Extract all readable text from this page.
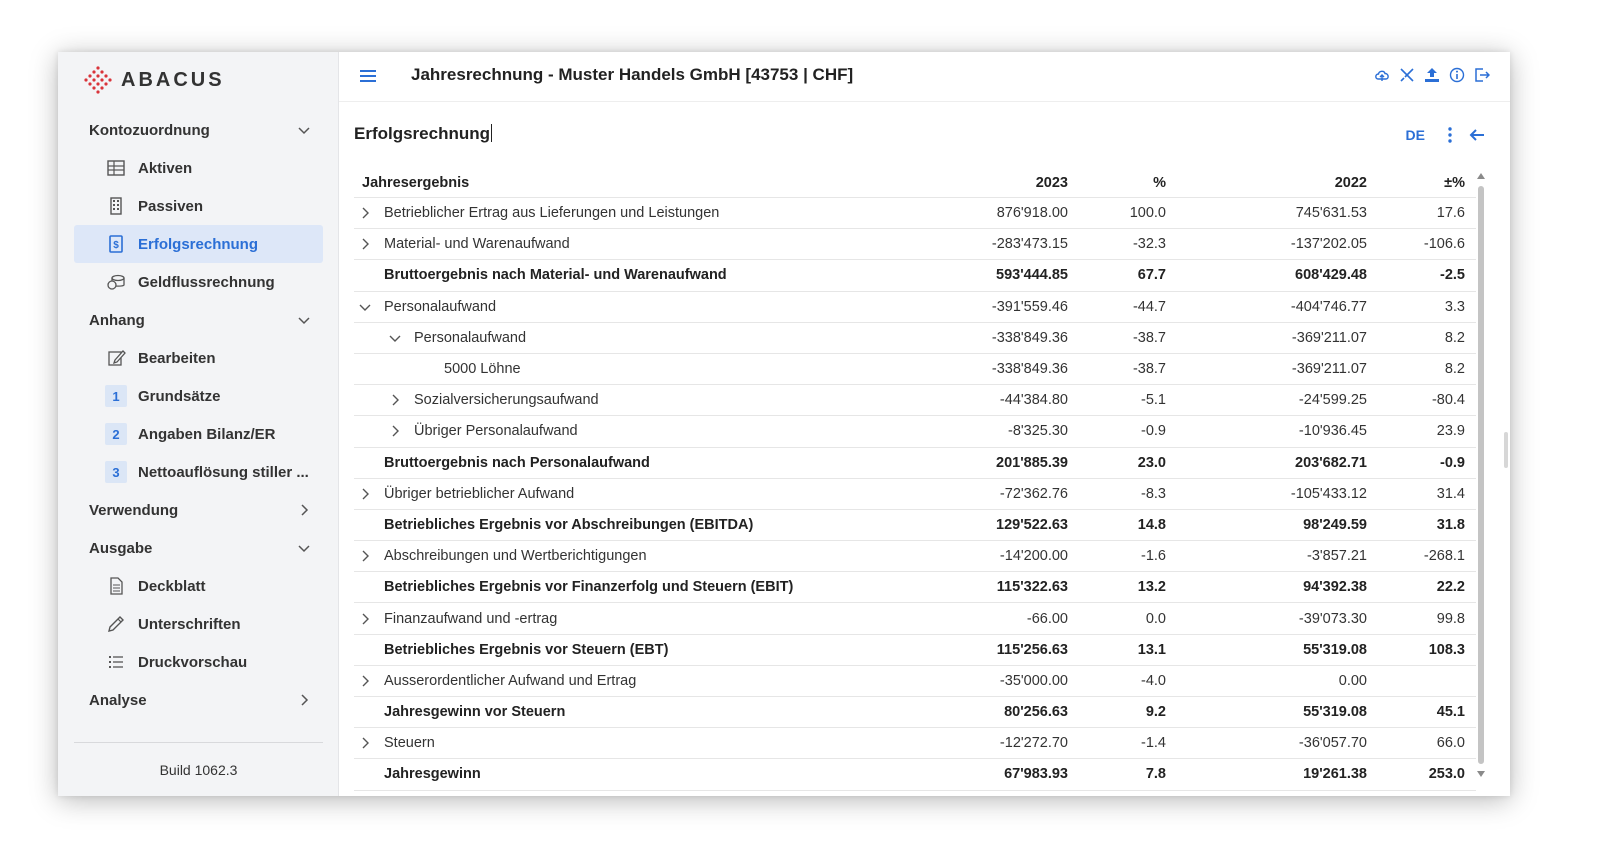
ABACUS
Kontozuordnung
Aktiven
Passiven
$ Erfolgsrechnung
Geldflussrechnung
Anhang
Bearbeiten
1	Grundsätze
2	Angaben Bilanz/ER
3	Nettoauflösung stiller ...
Verwendung
Ausgabe
Deckblatt
Unterschriften
Druckvorschau
Analyse
Build 1062.3
Jahresrechnung - Muster Handels GmbH [43753 | CHF]
Erfolgsrechnung	DE
Jahresergebnis	2023	%	2022	±%
Betrieblicher Ertrag aus Lieferungen und Leistungen	876'918.00	100.0	745'631.53	17.6
Material- und Warenaufwand	-283'473.15	-32.3	-137'202.05	-106.6
Bruttoergebnis nach Material- und Warenaufwand	593'444.85	67.7	608'429.48	-2.5
Personalaufwand	-391'559.46	-44.7	-404'746.77	3.3
Personalaufwand	-338'849.36	-38.7	-369'211.07	8.2
5000 Löhne	-338'849.36	-38.7	-369'211.07	8.2
Sozialversicherungsaufwand	-44'384.80	-5.1	-24'599.25	-80.4
Übriger Personalaufwand	-8'325.30	-0.9	-10'936.45	23.9
Bruttoergebnis nach Personalaufwand	201'885.39	23.0	203'682.71	-0.9
Übriger betrieblicher Aufwand	-72'362.76	-8.3	-105'433.12	31.4
Betriebliches Ergebnis vor Abschreibungen (EBITDA)	129'522.63	14.8	98'249.59	31.8
Abschreibungen und Wertberichtigungen	-14'200.00	-1.6	-3'857.21	-268.1
Betriebliches Ergebnis vor Finanzerfolg und Steuern (EBIT)	115'322.63	13.2	94'392.38	22.2
Finanzaufwand und -ertrag	-66.00	0.0	-39'073.30	99.8
Betriebliches Ergebnis vor Steuern (EBT)	115'256.63	13.1	55'319.08	108.3
Ausserordentlicher Aufwand und Ertrag	-35'000.00	-4.0	0.00
Jahresgewinn vor Steuern	80'256.63	9.2	55'319.08	45.1
Steuern	-12'272.70	-1.4	-36'057.70	66.0
Jahresgewinn	67'983.93	7.8	19'261.38	253.0
